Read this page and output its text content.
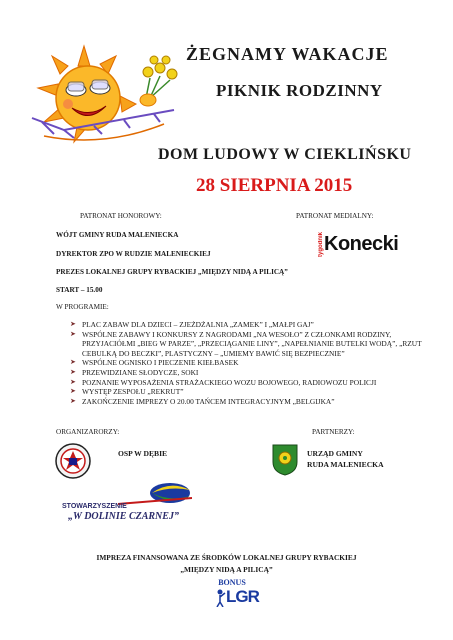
ŻEGNAMY WAKACJE
PIKNIK RODZINNY
DOM LUDOWY W CIEKLIŃSKU
28 SIERPNIA 2015
PATRONAT HONOROWY:	PATRONAT MEDIALNY:
WÓJT GMINY RUDA MALENIECKA
DYREKTOR ZPO W RUDZIE MALENIECKIEJ
PREZES LOKALNEJ GRUPY RYBACKIEJ „MIĘDZY NIDĄ A PILICĄ”
tygodnikKonecki
START – 15.00
W PROGRAMIE:
➤ PLAC ZABAW DLA DZIECI – ZJEŻDŻALNIA „ZAMEK” I „MAŁPI GAJ”
➤ WSPÓLNE ZABAWY I KONKURSY Z NAGRODAMI „NA WESOŁO” Z CZŁONKAMI RODZINY, PRZYJACIÓŁMI „BIEG W PARZE”, „PRZECIĄGANIE LINY”, „NAPEŁNIANIE BUTELKI WODĄ”, „RZUT CEBULKĄ DO BECZKI”, PLASTYCZNY – „UMIEMY BAWIĆ SIĘ BEZPIECZNIE”
➤ WSPÓLNE OGNISKO I PIECZENIE KIEŁBASEK
➤ PRZEWIDZIANE SŁODYCZE, SOKI
➤ POZNANIE WYPOSAŻENIA STRAŻACKIEGO WOZU BOJOWEGO, RADIOWOZU POLICJI
➤ WYSTĘP ZESPOŁU „REKRUT”
➤ ZAKOŃCZENIE IMPREZY O 20.00 TAŃCEM INTEGRACYJNYM „BELGIJKA”
ORGANIZARORZY:	PARTNERZY:
OSP W DĘBIE	URZĄD GMINY
RUDA MALENIECKA
STOWARZYSZENIE
„W DOLINIE CZARNEJ”
IMPREZA FINANSOWANA ZE ŚRODKÓW LOKALNEJ GRUPY RYBACKIEJ
„MIĘDZY NIDĄ A PILICĄ”
BONUS
LGR
